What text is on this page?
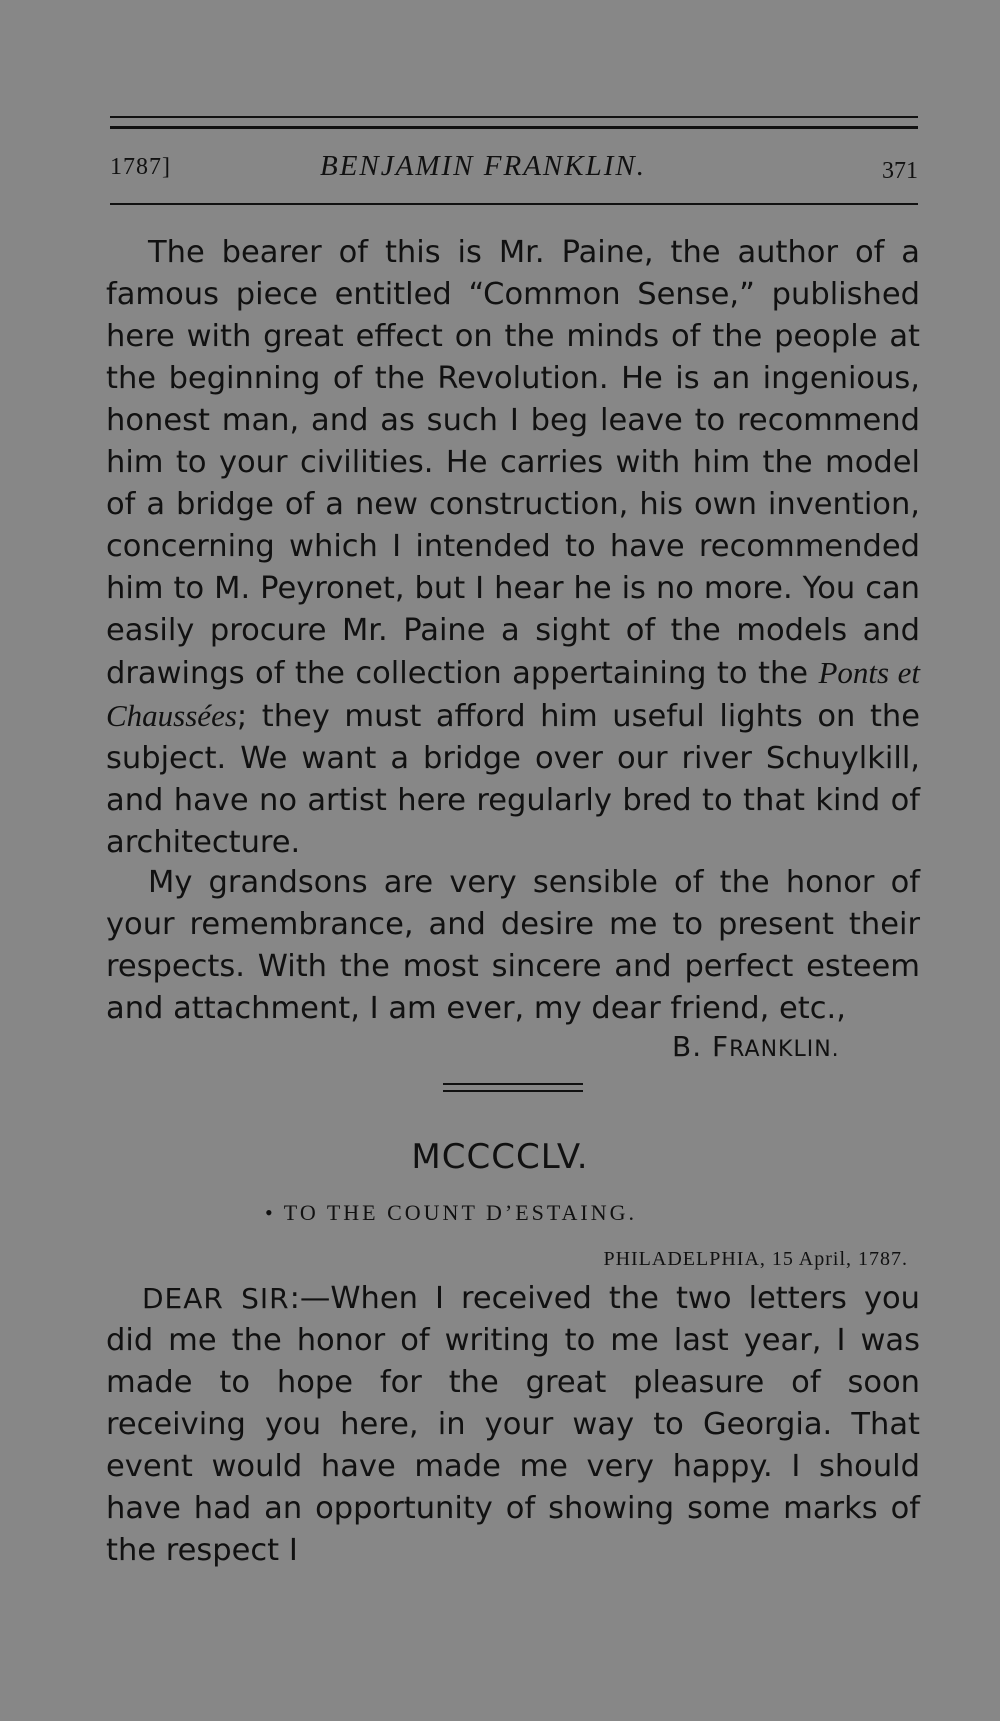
1787]	BENJAMIN FRANKLIN.	371

The bearer of this is Mr. Paine, the author of a famous piece entitled “Common Sense,” published here with great effect on the minds of the people at the beginning of the Revolution. He is an ingenious, honest man, and as such I beg leave to recommend him to your civilities. He carries with him the model of a bridge of a new construction, his own invention, concerning which I intended to have recommended him to M. Peyronet, but I hear he is no more. You can easily procure Mr. Paine a sight of the models and drawings of the collection appertaining to the Ponts et Chaussées; they must afford him useful lights on the subject. We want a bridge over our river Schuylkill, and have no artist here regularly bred to that kind of architecture.

My grandsons are very sensible of the honor of your remembrance, and desire me to present their respects. With the most sincere and perfect esteem and attachment, I am ever, my dear friend, etc.,

B. FRANKLIN.
MCCCCLV.
• TO THE COUNT D’ESTAING.
PHILADELPHIA, 15 April, 1787.

DEAR SIR:—When I received the two letters you did me the honor of writing to me last year, I was made to hope for the great pleasure of soon receiving you here, in your way to Georgia. That event would have made me very happy. I should have had an opportunity of showing some marks of the respect I
